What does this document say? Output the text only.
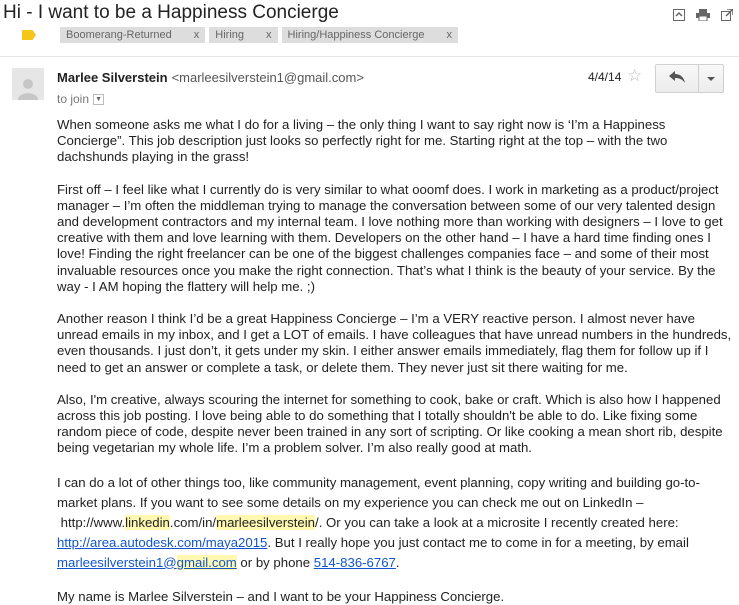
Hi - I want to be a Happiness Concierge
Boomerang-Returned x Hiring x Hiring/Happiness Concierge x
Marlee Silverstein <marleesilverstein1@gmail.com>
to join ▼
4/4/14 ☆

When someone asks me what I do for a living – the only thing I want to say right now is ‘I’m a Happiness Concierge”. This job description just looks so perfectly right for me. Starting right at the top – with the two dachshunds playing in the grass!

First off – I feel like what I currently do is very similar to what ooomf does. I work in marketing as a product/project manager – I’m often the middleman trying to manage the conversation between some of our very talented design and development contractors and my internal team. I love nothing more than working with designers – I love to get creative with them and love learning with them. Developers on the other hand – I have a hard time finding ones I love! Finding the right freelancer can be one of the biggest challenges companies face – and some of their most invaluable resources once you make the right connection. That’s what I think is the beauty of your service. By the way - I AM hoping the flattery will help me. ;)

Another reason I think I’d be a great Happiness Concierge – I’m a VERY reactive person. I almost never have unread emails in my inbox, and I get a LOT of emails. I have colleagues that have unread numbers in the hundreds, even thousands. I just don’t, it gets under my skin. I either answer emails immediately, flag them for follow up if I need to get an answer or complete a task, or delete them. They never just sit there waiting for me.

Also, I'm creative, always scouring the internet for something to cook, bake or craft. Which is also how I happened across this job posting. I love being able to do something that I totally shouldn't be able to do. Like fixing some random piece of code, despite never been trained in any sort of scripting. Or like cooking a mean short rib, despite being vegetarian my whole life. I’m a problem solver. I’m also really good at math.

I can do a lot of other things too, like community management, event planning, copy writing and building go-to-market plans. If you want to see some details on my experience you can check me out on LinkedIn –
http://www.linkedin.com/in/marleesilverstein/. Or you can take a look at a microsite I recently created here: http://area.autodesk.com/maya2015. But I really hope you just contact me to come in for a meeting, by email marleesilverstein1@gmail.com or by phone 514-836-6767.

My name is Marlee Silverstein – and I want to be your Happiness Concierge.
